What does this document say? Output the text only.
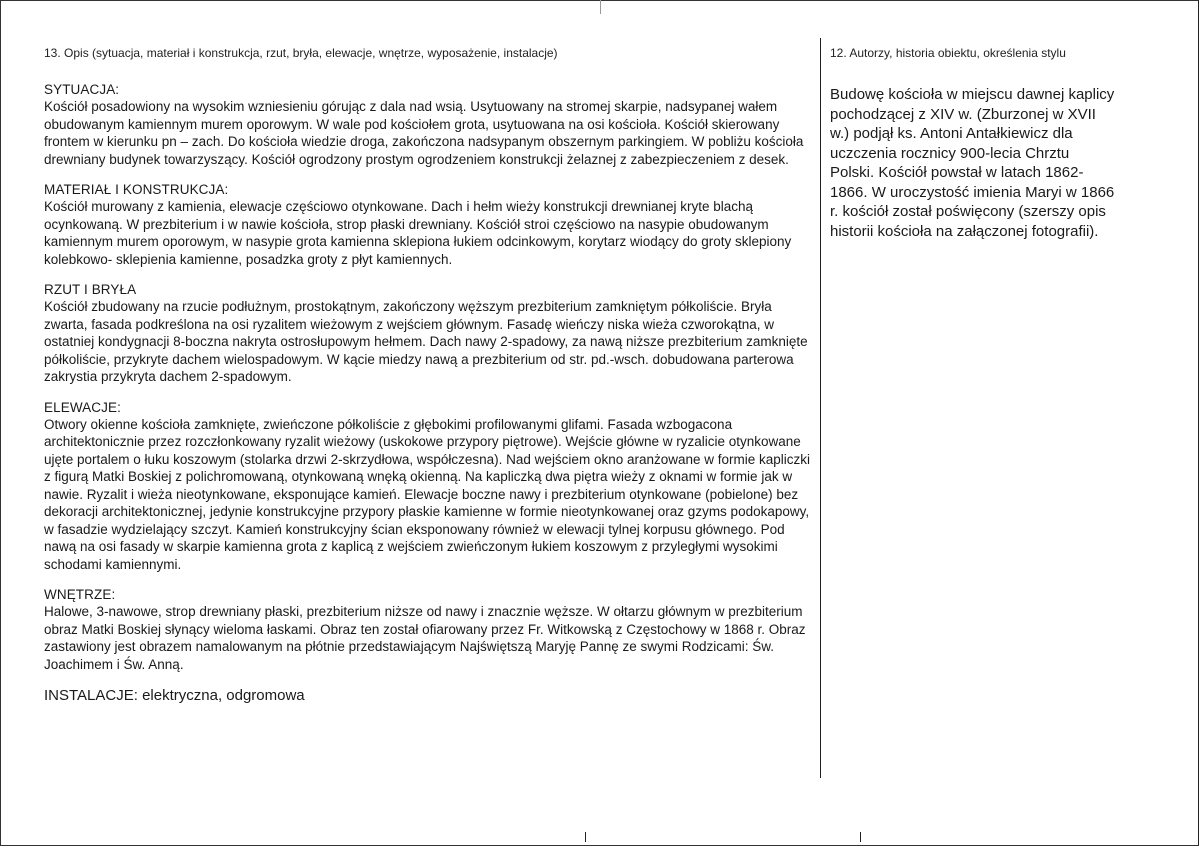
13. Opis (sytuacja, materiał i konstrukcja, rzut, bryła, elewacje, wnętrze, wyposażenie, instalacje)

SYTUACJA:

Kościół posadowiony na wysokim wzniesieniu górując z dala nad wsią. Usytuowany na stromej skarpie, nadsypanej wałem obudowanym kamiennym murem oporowym. W wale pod kościołem grota, usytuowana na osi kościoła. Kościół skierowany frontem w kierunku pn – zach. Do kościoła wiedzie droga, zakończona nadsypanym obszernym parkingiem. W pobliżu kościoła drewniany budynek towarzyszący. Kościół ogrodzony prostym ogrodzeniem konstrukcji żelaznej z zabezpieczeniem z desek.

MATERIAŁ I KONSTRUKCJA:

Kościół murowany z kamienia, elewacje częściowo otynkowane. Dach i hełm wieży konstrukcji drewnianej kryte blachą ocynkowaną. W prezbiterium i w nawie kościoła, strop płaski drewniany. Kościół stroi częściowo na nasypie obudowanym kamiennym murem oporowym, w nasypie grota kamienna sklepiona łukiem odcinkowym, korytarz wiodący do groty sklepiony kolebkowo- sklepienia kamienne, posadzka groty z płyt kamiennych.

RZUT I BRYŁA

Kościół zbudowany na rzucie podłużnym, prostokątnym, zakończony węższym prezbiterium zamkniętym półkoliście. Bryła zwarta, fasada podkreślona na osi ryzalitem wieżowym z wejściem głównym. Fasadę wieńczy niska wieża czworokątna, w ostatniej kondygnacji 8-boczna nakryta ostrosłupowym hełmem. Dach nawy 2-spadowy, za nawą niższe prezbiterium zamknięte półkoliście, przykryte dachem wielospadowym. W kącie miedzy nawą a prezbiterium od str. pd.-wsch. dobudowana parterowa zakrystia przykryta dachem 2-spadowym.

ELEWACJE:

Otwory okienne kościoła zamknięte, zwieńczone półkoliście z głębokimi profilowanymi glifami. Fasada wzbogacona architektonicznie przez rozczłonkowany ryzalit wieżowy (uskokowe przypory piętrowe). Wejście główne w ryzalicie otynkowane ujęte portalem o łuku koszowym (stolarka drzwi 2-skrzydłowa, współczesna). Nad wejściem okno aranżowane w formie kapliczki z figurą Matki Boskiej z polichromowaną, otynkowaną wnęką okienną. Na kapliczką dwa piętra wieży z oknami w formie jak w nawie. Ryzalit i wieża nieotynkowane, eksponujące kamień. Elewacje boczne nawy i prezbiterium otynkowane (pobielone) bez dekoracji architektonicznej, jedynie konstrukcyjne przypory płaskie kamienne w formie nieotynkowanej oraz gzyms podokapowy, w fasadzie wydzielający szczyt. Kamień konstrukcyjny ścian eksponowany również w elewacji tylnej korpusu głównego. Pod nawą na osi fasady w skarpie kamienna grota z kaplicą z wejściem zwieńczonym łukiem koszowym z przyległymi wysokimi schodami kamiennymi.

WNĘTRZE:

Halowe, 3-nawowe, strop drewniany płaski, prezbiterium niższe od nawy i znacznie węższe. W ołtarzu głównym w prezbiterium obraz Matki Boskiej słynący wieloma łaskami. Obraz ten został ofiarowany przez Fr. Witkowską z Częstochowy w 1868 r. Obraz zastawiony jest obrazem namalowanym na płótnie przedstawiającym Najświętszą Maryję Pannę ze swymi Rodzicami: Św. Joachimem i Św. Anną.

INSTALACJE: elektryczna, odgromowa

12. Autorzy, historia obiektu, określenia stylu

Budowę kościoła w miejscu dawnej kaplicy pochodzącej z XIV w. (Zburzonej w XVII w.) podjął ks. Antoni Antałkiewicz dla uczczenia rocznicy 900-lecia Chrztu Polski. Kościół powstał w latach 1862-1866. W uroczystość imienia Maryi w 1866 r. kościół został poświęcony (szerszy opis historii kościoła na załączonej fotografii).
